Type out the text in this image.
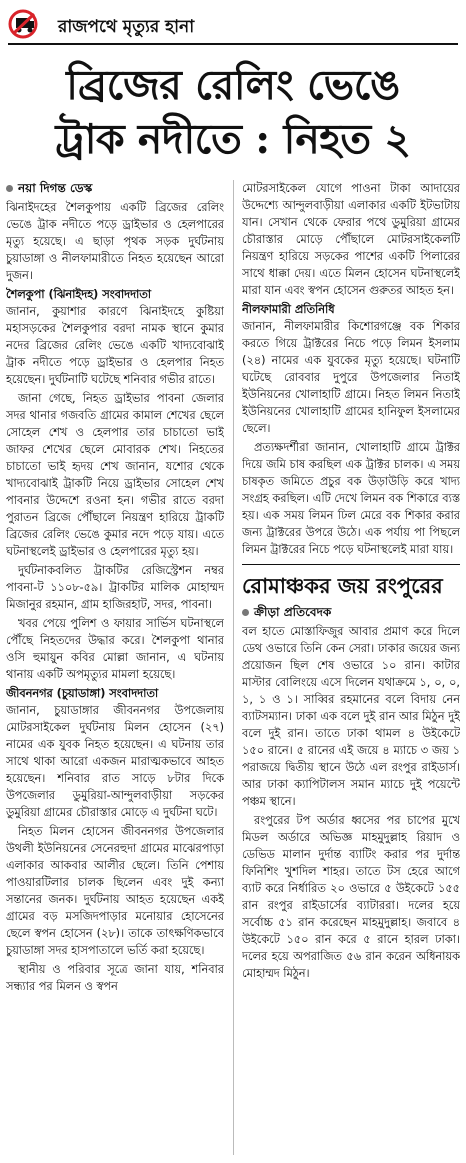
রাজপথে মৃত্যুর হানা
ব্রিজের রেলিং ভেঙে
ট্রাক নদীতে : নিহত ২
নয়া দিগন্ত ডেস্ক

ঝিনাইদহের শৈলকুপায় একটি ব্রিজের রেলিং ভেঙে ট্রাক নদীতে পড়ে ড্রাইভার ও হেলপারের মৃত্যু হয়েছে। এ ছাড়া পৃথক সড়ক দুর্ঘটনায় চুয়াডাঙ্গা ও নীলফামারীতে নিহত হয়েছেন আরো দুজন।

শৈলকুপা (ঝিনাইদহ) সংবাদদাতা

জানান, কুয়াশার কারণে ঝিনাইদহে কুষ্টিয়া মহাসড়কের শৈলকুপার বরদা নামক স্থানে কুমার নদের ব্রিজের রেলিং ভেঙে একটি খাদ্যবোঝাই ট্রাক নদীতে পড়ে ড্রাইভার ও হেলপার নিহত হয়েছেন। দুর্ঘটনাটি ঘটেছে শনিবার গভীর রাতে।

জানা গেছে, নিহত ড্রাইভার পাবনা জেলার সদর থানার গজবতি গ্রামের কামাল শেখের ছেলে সোহেল শেখ ও হেলপার তার চাচাতো ভাই জাফর শেখের ছেলে মোবারক শেখ। নিহতের চাচাতো ভাই হৃদয় শেখ জানান, যশোর থেকে খাদ্যবোঝাই ট্রাকটি নিয়ে ড্রাইভার সোহেল শেখ পাবনার উদ্দেশে রওনা হন। গভীর রাতে বরদা পুরাতন ব্রিজে পৌঁছালে নিয়ন্ত্রণ হারিয়ে ট্রাকটি ব্রিজের রেলিং ভেঙে কুমার নদে পড়ে যায়। এতে ঘটনাস্থলেই ড্রাইভার ও হেলপারের মৃত্যু হয়।

দুর্ঘটনাকবলিত ট্রাকটির রেজিস্ট্রেশন নম্বর পাবনা-ট ১১০৮-৫৯। ট্রাকটির মালিক মোহাম্মদ মিজানুর রহমান, গ্রাম হাজিরহাট, সদর, পাবনা।

খবর পেয়ে পুলিশ ও ফায়ার সার্ভিস ঘটনাস্থলে পৌঁছে নিহতদের উদ্ধার করে। শৈলকুপা থানার ওসি হুমায়ুন কবির মোল্লা জানান, এ ঘটনায় থানায় একটি অপমৃত্যুর মামলা হয়েছে।

জীবননগর (চুয়াডাঙ্গা) সংবাদদাতা

জানান, চুয়াডাঙ্গার জীবননগর উপজেলায় মোটরসাইকেল দুর্ঘটনায় মিলন হোসেন (২৭) নামের এক যুবক নিহত হয়েছেন। এ ঘটনায় তার সাথে থাকা আরো একজন মারাত্মকভাবে আহত হয়েছেন। শনিবার রাত সাড়ে ৮টার দিকে উপজেলার ডুমুরিয়া-আন্দুলবাড়ীয়া সড়কের ডুমুরিয়া গ্রামের চৌরাস্তার মোড়ে এ দুর্ঘটনা ঘটে।

নিহত মিলন হোসেন জীবননগর উপজেলার উথলী ইউনিয়নের সেনেরহুদা গ্রামের মাঝেরপাড়া এলাকার আকবার আলীর ছেলে। তিনি পেশায় পাওয়ারটিলার চালক ছিলেন এবং দুই কন্যা সন্তানের জনক। দুর্ঘটনায় আহত হয়েছেন একই গ্রামের বড় মসজিদপাড়ার মনোয়ার হোসেনের ছেলে স্বপন হোসেন (২৮)। তাকে তাৎক্ষণিকভাবে চুয়াডাঙ্গা সদর হাসপাতালে ভর্তি করা হয়েছে।

স্থানীয় ও পরিবার সূত্রে জানা যায়, শনিবার সন্ধ্যার পর মিলন ও স্বপন

মোটরসাইকেল যোগে পাওনা টাকা আদায়ের উদ্দেশ্যে আন্দুলবাড়ীয়া এলাকার একটি ইটভাটায় যান। সেখান থেকে ফেরার পথে ডুমুরিয়া গ্রামের চৌরাস্তার মোড়ে পৌঁছালে মোটরসাইকেলটি নিয়ন্ত্রণ হারিয়ে সড়কের পাশের একটি পিলারের সাথে ধাক্কা দেয়। এতে মিলন হোসেন ঘটনাস্থলেই মারা যান এবং স্বপন হোসেন গুরুতর আহত হন।

নীলফামারী প্রতিনিধি

জানান, নীলফামারীর কিশোরগঞ্জে বক শিকার করতে গিয়ে ট্রাক্টরের নিচে পড়ে লিমন ইসলাম (২৪) নামের এক যুবকের মৃত্যু হয়েছে। ঘটনাটি ঘটেছে রোববার দুপুরে উপজেলার নিতাই ইউনিয়নের খোলাহাটি গ্রামে। নিহত লিমন নিতাই ইউনিয়নের খোলাহাটি গ্রামের হানিফুল ইসলামের ছেলে।

প্রত্যক্ষদর্শীরা জানান, খোলাহাটি গ্রামে ট্রাক্টর দিয়ে জমি চাষ করছিল এক ট্রাক্টর চালক। এ সময় চাষকৃত জমিতে প্রচুর বক উড়াউড়ি করে খাদ্য সংগ্রহ করছিল। এটি দেখে লিমন বক শিকারে ব্যস্ত হয়। এক সময় লিমন ঢিল মেরে বক শিকার করার জন্য ট্রাক্টরের উপরে উঠে। এক পর্যায় পা পিছলে লিমন ট্রাক্টরের নিচে পড়ে ঘটনাস্থলেই মারা যায়।

রোমাঞ্চকর জয় রংপুরের
ক্রীড়া প্রতিবেদক

বল হাতে মোস্তাফিজুর আবার প্রমাণ করে দিলে ডেথ ওভারে তিনি কেন সেরা। ঢাকার জয়ের জন্য প্রয়োজন ছিল শেষ ওভারে ১০ রান। কাটার মাস্টার বোলিংয়ে এসে দিলেন যথাক্রমে ১, ০, ০, ১, ১ ও ১। সাব্বির রহমানের বলে বিদায় নেন ব্যাটসম্যান। ঢাকা এক বলে দুই রান আর মিঠুন দুই বলে দুই রান। তাতে ঢাকা থামল ৪ উইকেটে ১৫০ রানে। ৫ রানের এই জয়ে ৪ ম্যাচে ৩ জয় ১ পরাজয়ে দ্বিতীয় স্থানে উঠে এল রংপুর রাইডার্স। আর ঢাকা ক্যাপিটালস সমান ম্যাচে দুই পয়েন্টে পঞ্চম স্থানে।

রংপুরের টপ অর্ডার ধ্বসের পর চাপের মুখে মিডল অর্ডারে অভিজ্ঞ মাহমুদুল্লাহ রিয়াদ ও ডেভিড মালান দুর্দান্ত ব্যাটিং করার পর দুর্দান্ত ফিনিশিং খুশদিল শাহর। তাতে টস হেরে আগে ব্যাট করে নির্ধারিত ২০ ওভারে ৫ উইকেটে ১৫৫ রান রংপুর রাইডার্সের ব্যাটাররা। দলের হয়ে সর্বোচ্চ ৫১ রান করেছেন মাহমুদুল্লাহ। জবাবে ৪ উইকেটে ১৫০ রান করে ৫ রানে হারল ঢাকা। দলের হয়ে অপরাজিত ৫৬ রান করেন অধিনায়ক মোহাম্মদ মিঠুন।
